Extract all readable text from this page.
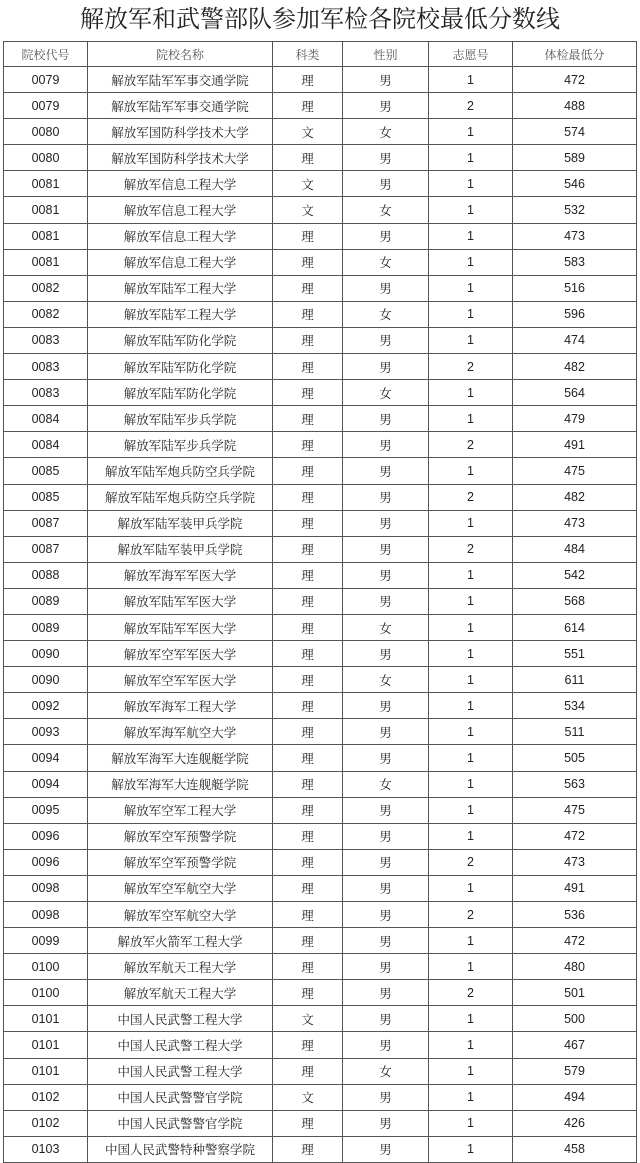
解放军和武警部队参加军检各院校最低分数线
院校代号	院校名称	科类	性别	志愿号	体检最低分
0079	解放军陆军军事交通学院	理	男	1	472
0079	解放军陆军军事交通学院	理	男	2	488
0080	解放军国防科学技术大学	文	女	1	574
0080	解放军国防科学技术大学	理	男	1	589
0081	解放军信息工程大学	文	男	1	546
0081	解放军信息工程大学	文	女	1	532
0081	解放军信息工程大学	理	男	1	473
0081	解放军信息工程大学	理	女	1	583
0082	解放军陆军工程大学	理	男	1	516
0082	解放军陆军工程大学	理	女	1	596
0083	解放军陆军防化学院	理	男	1	474
0083	解放军陆军防化学院	理	男	2	482
0083	解放军陆军防化学院	理	女	1	564
0084	解放军陆军步兵学院	理	男	1	479
0084	解放军陆军步兵学院	理	男	2	491
0085	解放军陆军炮兵防空兵学院	理	男	1	475
0085	解放军陆军炮兵防空兵学院	理	男	2	482
0087	解放军陆军装甲兵学院	理	男	1	473
0087	解放军陆军装甲兵学院	理	男	2	484
0088	解放军海军军医大学	理	男	1	542
0089	解放军陆军军医大学	理	男	1	568
0089	解放军陆军军医大学	理	女	1	614
0090	解放军空军军医大学	理	男	1	551
0090	解放军空军军医大学	理	女	1	611
0092	解放军海军工程大学	理	男	1	534
0093	解放军海军航空大学	理	男	1	511
0094	解放军海军大连舰艇学院	理	男	1	505
0094	解放军海军大连舰艇学院	理	女	1	563
0095	解放军空军工程大学	理	男	1	475
0096	解放军空军预警学院	理	男	1	472
0096	解放军空军预警学院	理	男	2	473
0098	解放军空军航空大学	理	男	1	491
0098	解放军空军航空大学	理	男	2	536
0099	解放军火箭军工程大学	理	男	1	472
0100	解放军航天工程大学	理	男	1	480
0100	解放军航天工程大学	理	男	2	501
0101	中国人民武警工程大学	文	男	1	500
0101	中国人民武警工程大学	理	男	1	467
0101	中国人民武警工程大学	理	女	1	579
0102	中国人民武警警官学院	文	男	1	494
0102	中国人民武警警官学院	理	男	1	426
0103	中国人民武警特种警察学院	理	男	1	458
